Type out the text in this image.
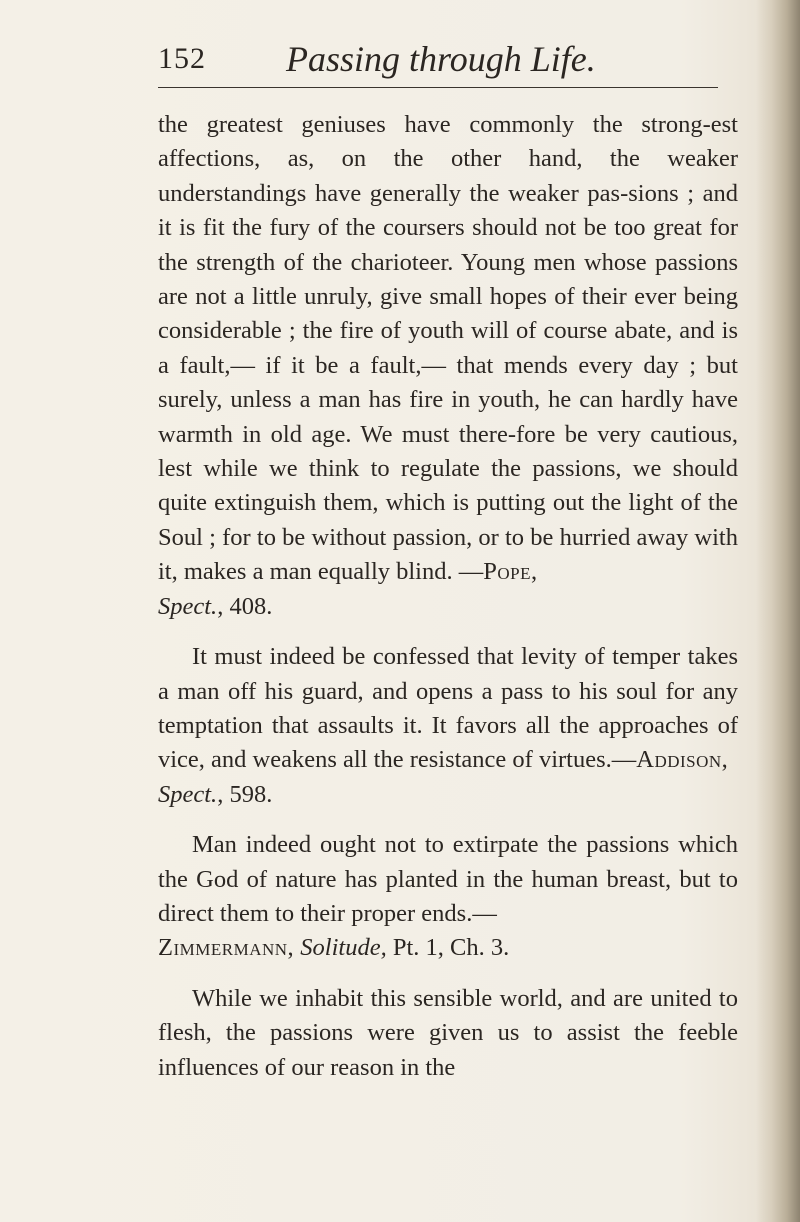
152 Passing through Life.

the greatest geniuses have commonly the strong-est affections, as, on the other hand, the weaker understandings have generally the weaker pas-sions ; and it is fit the fury of the coursers should not be too great for the strength of the charioteer. Young men whose passions are not a little unruly, give small hopes of their ever being considerable ; the fire of youth will of course abate, and is a fault,— if it be a fault,— that mends every day ; but surely, unless a man has fire in youth, he can hardly have warmth in old age. We must there-fore be very cautious, lest while we think to regulate the passions, we should quite extinguish them, which is putting out the light of the Soul ; for to be without passion, or to be hurried away with it, makes a man equally blind. —Pope,
Spect., 408.

It must indeed be confessed that levity of temper takes a man off his guard, and opens a pass to his soul for any temptation that assaults it. It favors all the approaches of vice, and weakens all the resistance of virtues.—Addison,
Spect., 598.

Man indeed ought not to extirpate the passions which the God of nature has planted in the human breast, but to direct them to their proper ends.—
Zimmermann, Solitude, Pt. 1, Ch. 3.

While we inhabit this sensible world, and are united to flesh, the passions were given us to assist the feeble influences of our reason in the
